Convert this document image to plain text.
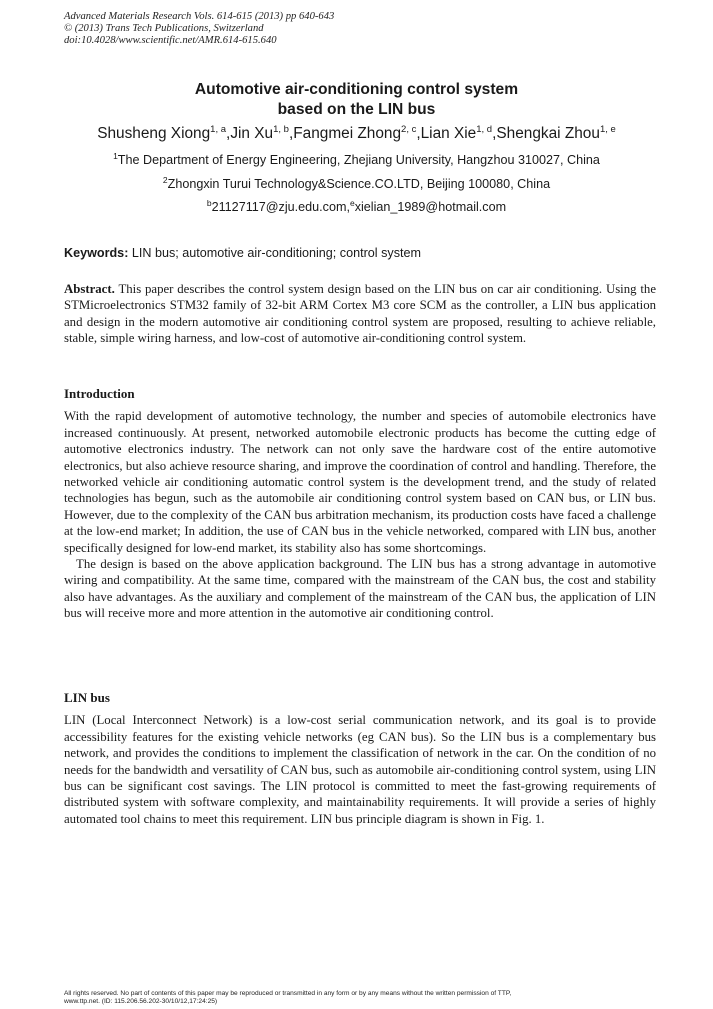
Advanced Materials Research Vols. 614-615 (2013) pp 640-643
© (2013) Trans Tech Publications, Switzerland
doi:10.4028/www.scientific.net/AMR.614-615.640
Automotive air-conditioning control system
based on the LIN bus
Shusheng Xiong$^{1, a}$,Jin Xu$^{1, b}$,Fangmei Zhong$^{2, c}$,Lian Xie$^{1, d}$,Shengkai Zhou$^{1, e}$
$^1$The Department of Energy Engineering, Zhejiang University, Hangzhou 310027, China
$^2$Zhongxin Turui Technology&Science.CO.LTD, Beijing 100080, China
$^b$21127117@zju.edu.com,$^e$xielian_1989@hotmail.com
Keywords: LIN bus; automotive air-conditioning; control system

Abstract. This paper describes the control system design based on the LIN bus on car air conditioning. Using the STMicroelectronics STM32 family of 32-bit ARM Cortex M3 core SCM as the controller, a LIN bus application and design in the modern automotive air conditioning control system are proposed, resulting to achieve reliable, stable, simple wiring harness, and low-cost of automotive air-conditioning control system.

Introduction

With the rapid development of automotive technology, the number and species of automobile electronics have increased continuously. At present, networked automobile electronic products has become the cutting edge of automotive electronics industry. The network can not only save the hardware cost of the entire automotive electronics, but also achieve resource sharing, and improve the coordination of control and handling. Therefore, the networked vehicle air conditioning automatic control system is the development trend, and the study of related technologies has begun, such as the automobile air conditioning control system based on CAN bus, or LIN bus. However, due to the complexity of the CAN bus arbitration mechanism, its production costs have faced a challenge at the low-end market; In addition, the use of CAN bus in the vehicle networked, compared with LIN bus, another specifically designed for low-end market, its stability also has some shortcomings.

The design is based on the above application background. The LIN bus has a strong advantage in automotive wiring and compatibility. At the same time, compared with the mainstream of the CAN bus, the cost and stability also have advantages. As the auxiliary and complement of the mainstream of the CAN bus, the application of LIN bus will receive more and more attention in the automotive air conditioning control.

LIN bus

LIN (Local Interconnect Network) is a low-cost serial communication network, and its goal is to provide accessibility features for the existing vehicle networks (eg CAN bus). So the LIN bus is a complementary bus network, and provides the conditions to implement the classification of network in the car. On the condition of no needs for the bandwidth and versatility of CAN bus, such as automobile air-conditioning control system, using LIN bus can be significant cost savings. The LIN protocol is committed to meet the fast-growing requirements of distributed system with software complexity, and maintainability requirements. It will provide a series of highly automated tool chains to meet this requirement. LIN bus principle diagram is shown in Fig. 1.

All rights reserved. No part of contents of this paper may be reproduced or transmitted in any form or by any means without the written permission of TTP,
www.ttp.net. (ID: 115.206.56.202-30/10/12,17:24:25)
